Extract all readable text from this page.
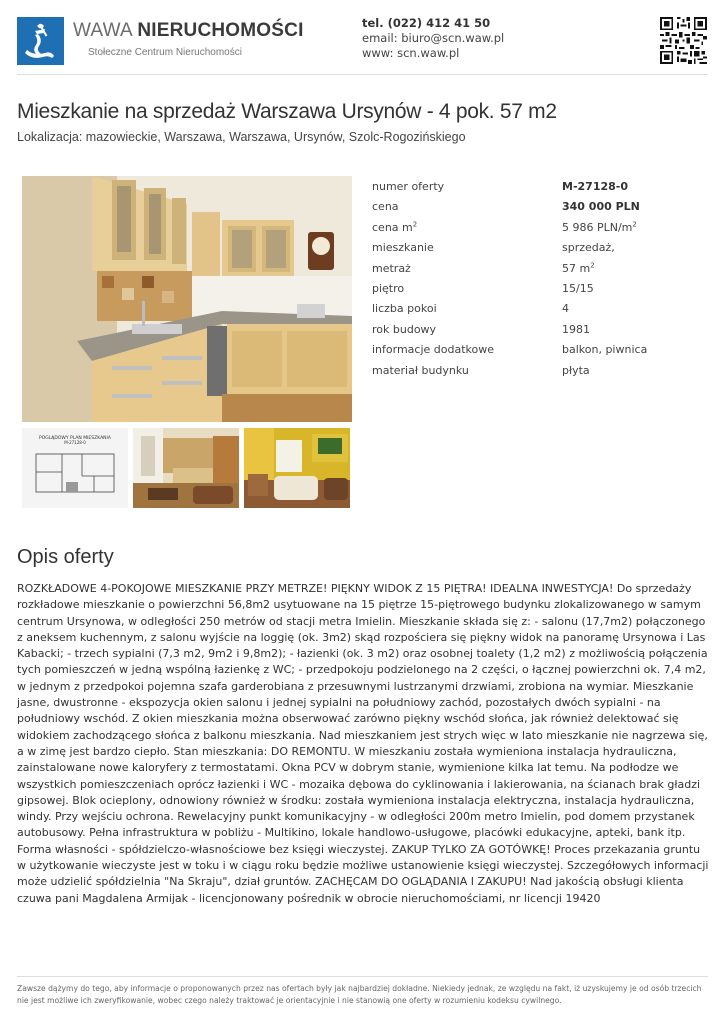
WAWA NIERUCHOMOŚCI
Stołeczne Centrum Nieruchomości
tel. (022) 412 41 50
email: biuro@scn.waw.pl
www: scn.waw.pl
Mieszkanie na sprzedaż Warszawa Ursynów - 4 pok. 57 m2
Lokalizacja: mazowieckie, Warszawa, Warszawa, Ursynów, Szolc-Rogozińskiego
POGLĄDOWY PLAN MIESZKANIA
M-27128-0
numer oferty	M-27128-0
cena	340 000 PLN
cena $m^2$	5 986 PLN/$m^2$
mieszkanie	sprzedaż,
metraż	57 $m^2$
piętro	15/15
liczba pokoi	4
rok budowy	1981
informacje dodatkowe	balkon, piwnica
materiał budynku	płyta
Opis oferty
ROZKŁADOWE 4-POKOJOWE MIESZKANIE PRZY METRZE! PIĘKNY WIDOK Z 15 PIĘTRA! IDEALNA INWESTYCJA! Do sprzedaży rozkładowe mieszkanie o powierzchni 56,8m2 usytuowane na 15 piętrze 15-piętrowego budynku zlokalizowanego w samym centrum Ursynowa, w odległości 250 metrów od stacji metra Imielin. Mieszkanie składa się z: - salonu (17,7m2) połączonego z aneksem kuchennym, z salonu wyjście na loggię (ok. 3m2) skąd rozpościera się piękny widok na panoramę Ursynowa i Las Kabacki; - trzech sypialni (7,3 m2, 9m2 i 9,8m2); - łazienki (ok. 3 m2) oraz osobnej toalety (1,2 m2) z możliwością połączenia tych pomieszczeń w jedną wspólną łazienkę z WC; - przedpokoju podzielonego na 2 części, o łącznej powierzchni ok. 7,4 m2, w jednym z przedpokoi pojemna szafa garderobiana z przesuwnymi lustrzanymi drzwiami, zrobiona na wymiar. Mieszkanie jasne, dwustronne - ekspozycja okien salonu i jednej sypialni na południowy zachód, pozostałych dwóch sypialni - na południowy wschód. Z okien mieszkania można obserwować zarówno piękny wschód słońca, jak również delektować się widokiem zachodzącego słońca z balkonu mieszkania. Nad mieszkaniem jest strych więc w lato mieszkanie nie nagrzewa się, a w zimę jest bardzo ciepło. Stan mieszkania: DO REMONTU. W mieszkaniu została wymieniona instalacja hydrauliczna, zainstalowane nowe kaloryfery z termostatami. Okna PCV w dobrym stanie, wymienione kilka lat temu. Na podłodze we wszystkich pomieszczeniach oprócz łazienki i WC - mozaika dębowa do cyklinowania i lakierowania, na ścianach brak gładzi gipsowej. Blok ocieplony, odnowiony również w środku: została wymieniona instalacja elektryczna, instalacja hydrauliczna, windy. Przy wejściu ochrona. Rewelacyjny punkt komunikacyjny - w odległości 200m metro Imielin, pod domem przystanek autobusowy. Pełna infrastruktura w pobliżu - Multikino, lokale handlowo-usługowe, placówki edukacyjne, apteki, bank itp. Forma własności - spółdzielczo-własnościowe bez księgi wieczystej. ZAKUP TYLKO ZA GOTÓWKĘ! Proces przekazania gruntu w użytkowanie wieczyste jest w toku i w ciągu roku będzie możliwe ustanowienie księgi wieczystej. Szczegółowych informacji może udzielić spółdzielnia "Na Skraju", dział gruntów. ZACHĘCAM DO OGLĄDANIA I ZAKUPU! Nad jakością obsługi klienta czuwa pani Magdalena Armijak - licencjonowany pośrednik w obrocie nieruchomościami, nr licencji 19420
Zawsze dążymy do tego, aby informacje o proponowanych przez nas ofertach były jak najbardziej dokładne. Niekiedy jednak, ze względu na fakt, iż uzyskujemy je od osób trzecich nie jest możliwe ich zweryfikowanie, wobec czego należy traktować je orientacyjnie i nie stanowią one oferty w rozumieniu kodeksu cywilnego.
